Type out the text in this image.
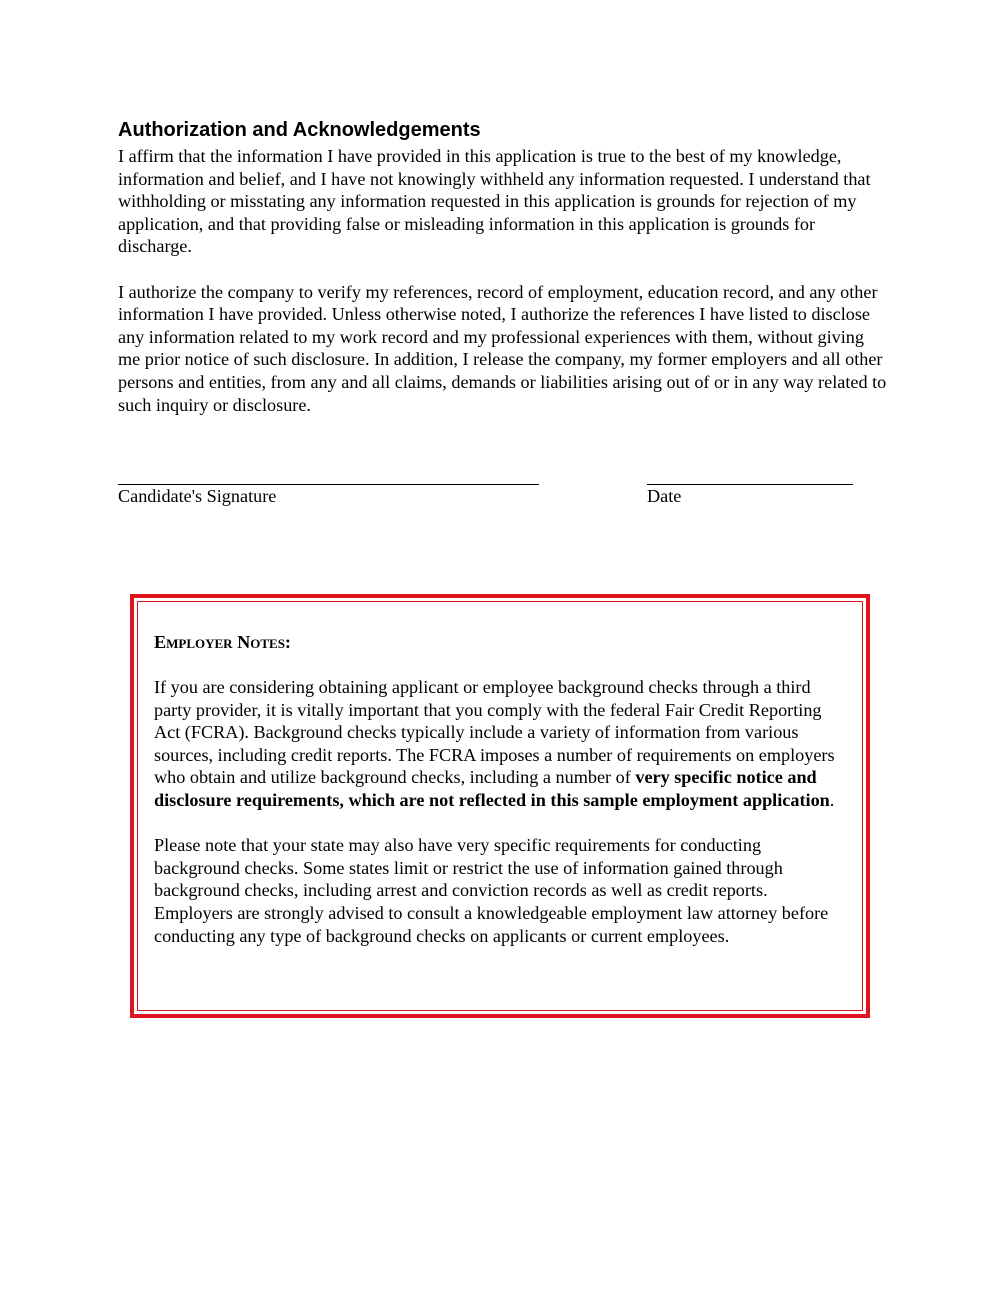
Authorization and Acknowledgements

I affirm that the information I have provided in this application is true to the best of my knowledge, information and belief, and I have not knowingly withheld any information requested. I understand that withholding or misstating any information requested in this application is grounds for rejection of my application, and that providing false or misleading information in this application is grounds for discharge.

I authorize the company to verify my references, record of employment, education record, and any other information I have provided. Unless otherwise noted, I authorize the references I have listed to disclose any information related to my work record and my professional experiences with them, without giving me prior notice of such disclosure. In addition, I release the company, my former employers and all other persons and entities, from any and all claims, demands or liabilities arising out of or in any way related to such inquiry or disclosure.

Candidate's Signature	Date
Employer Notes:

If you are considering obtaining applicant or employee background checks through a third party provider, it is vitally important that you comply with the federal Fair Credit Reporting Act (FCRA). Background checks typically include a variety of information from various sources, including credit reports. The FCRA imposes a number of requirements on employers who obtain and utilize background checks, including a number of very specific notice and disclosure requirements, which are not reflected in this sample employment application.

Please note that your state may also have very specific requirements for conducting background checks. Some states limit or restrict the use of information gained through background checks, including arrest and conviction records as well as credit reports. Employers are strongly advised to consult a knowledgeable employment law attorney before conducting any type of background checks on applicants or current employees.
